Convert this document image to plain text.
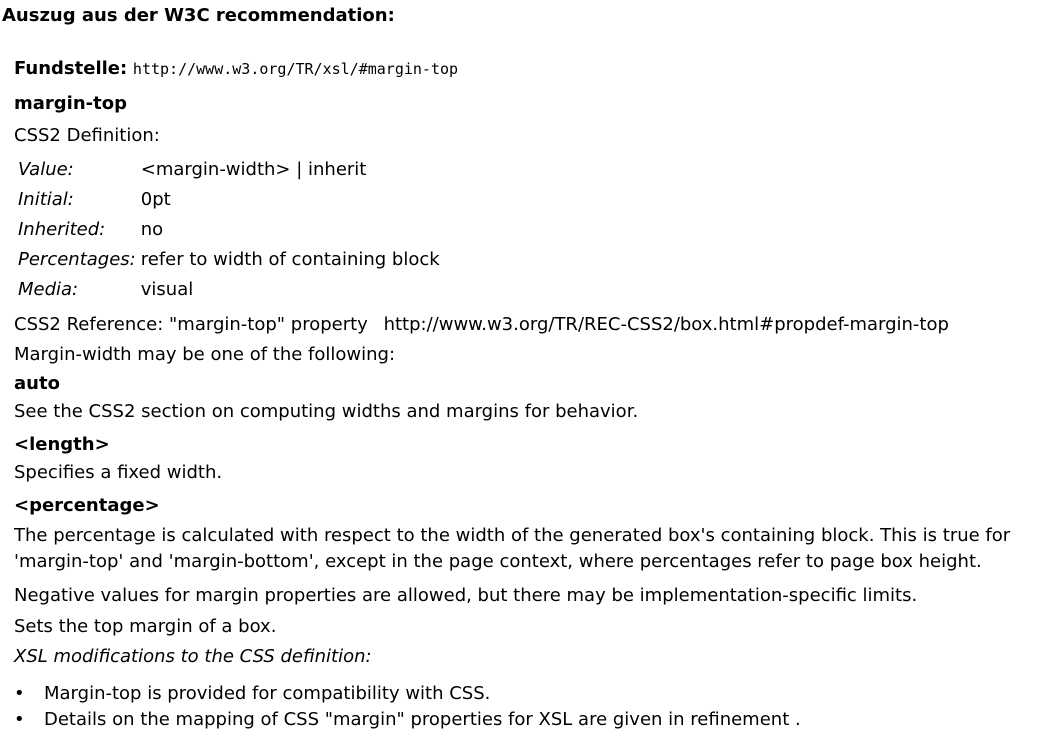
Auszug aus der W3C recommendation:
Fundstelle: http://www.w3.org/TR/xsl/#margin-top
margin-top
CSS2 Definition:
Value:	<margin-width> | inherit
Initial:	0pt
Inherited:	no
Percentages:	refer to width of containing block
Media:	visual
CSS2 Reference: "margin-top" property http://www.w3.org/TR/REC-CSS2/box.html#propdef-margin-top
Margin-width may be one of the following:
auto
See the CSS2 section on computing widths and margins for behavior.
<length>
Specifies a fixed width.
<percentage>
The percentage is calculated with respect to the width of the generated box's containing block. This is true for 'margin-top' and 'margin-bottom', except in the page context, where percentages refer to page box height.
Negative values for margin properties are allowed, but there may be implementation-specific limits.
Sets the top margin of a box.
XSL modifications to the CSS definition:
• Margin-top is provided for compatibility with CSS.
• Details on the mapping of CSS "margin" properties for XSL are given in refinement .
